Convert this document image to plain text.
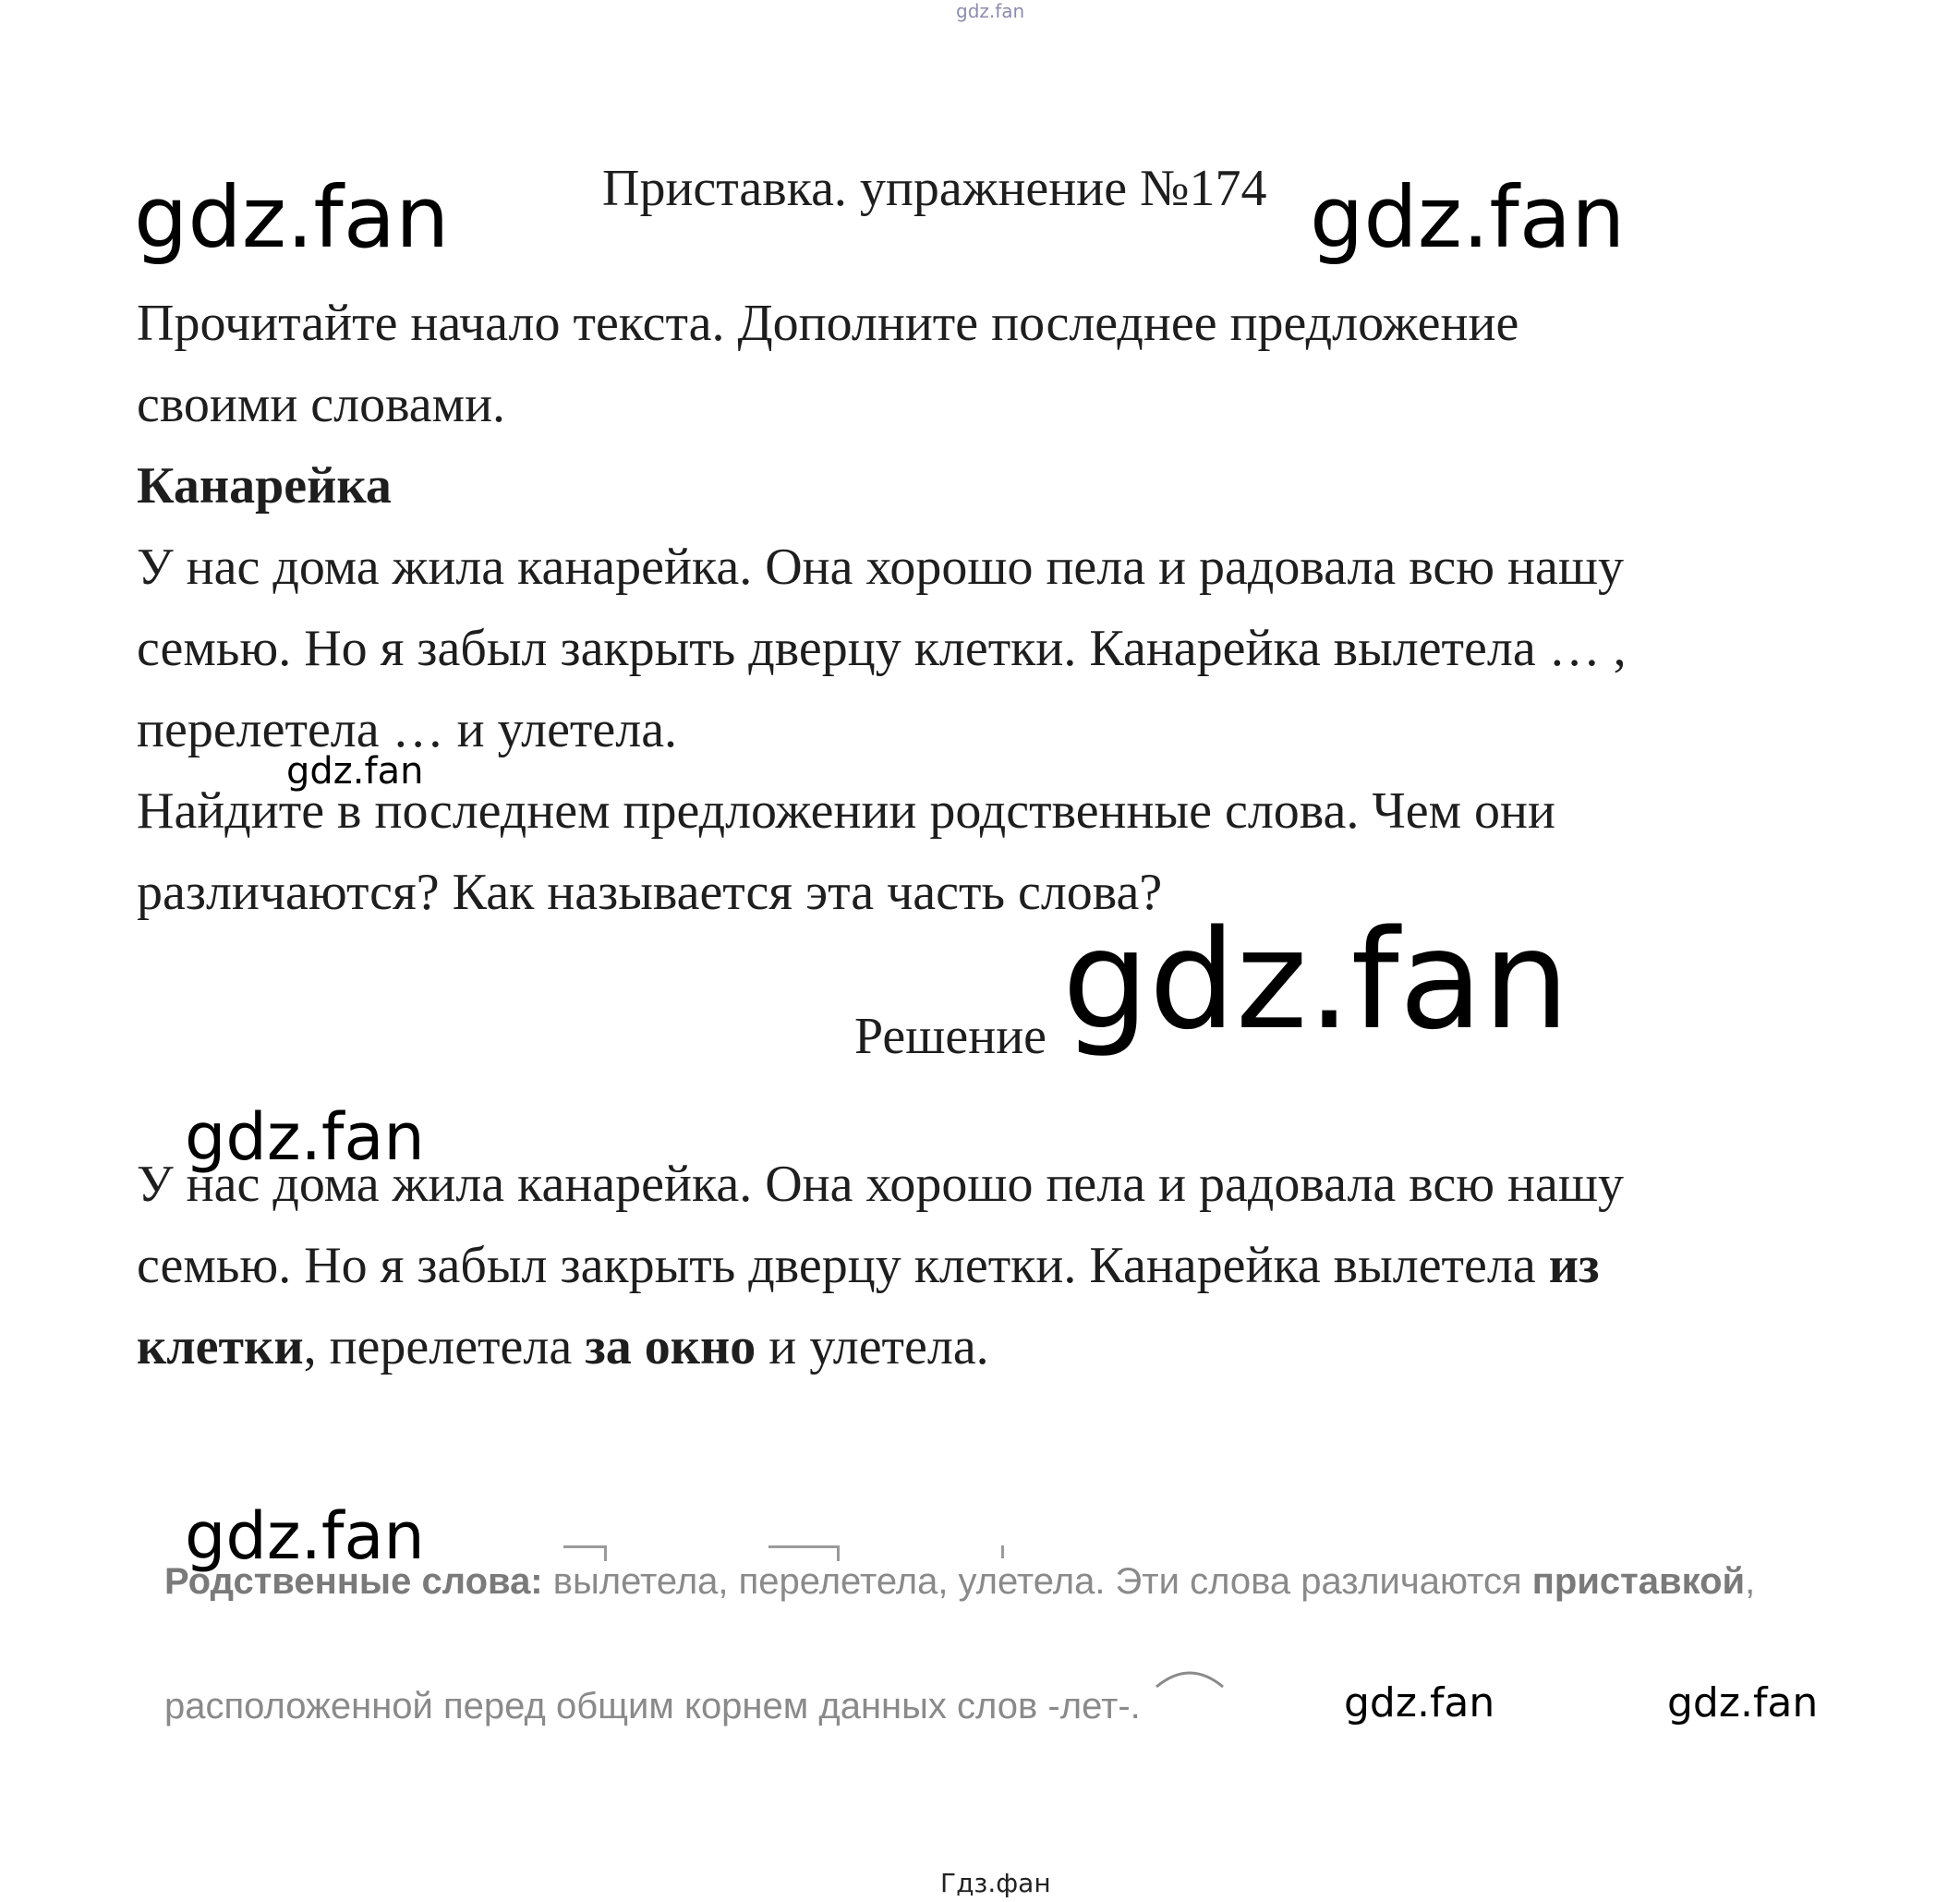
gdz.fan
Приставка. упражнение №174
gdz.fan	gdz.fan
Прочитайте начало текста. Дополните последнее предложение
своими словами.
Канарейка
У нас дома жила канарейка. Она хорошо пела и радовала всю нашу
семью. Но я забыл закрыть дверцу клетки. Канарейка вылетела … ,
перелетела … и улетела.
gdz.fan
Найдите в последнем предложении родственные слова. Чем они
различаются? Как называется эта часть слова?
gdz.fan
Решение
gdz.fan
У нас дома жила канарейка. Она хорошо пела и радовала всю нашу
семью. Но я забыл закрыть дверцу клетки. Канарейка вылетела из
клетки, перелетела за окно и улетела.
gdz.fan
Родственные слова: вылетела, перелетела, улетела. Эти слова различаются приставкой,
расположенной перед общим корнем данных слов -лет-.	gdz.fan	gdz.fan
Гдз.фан
